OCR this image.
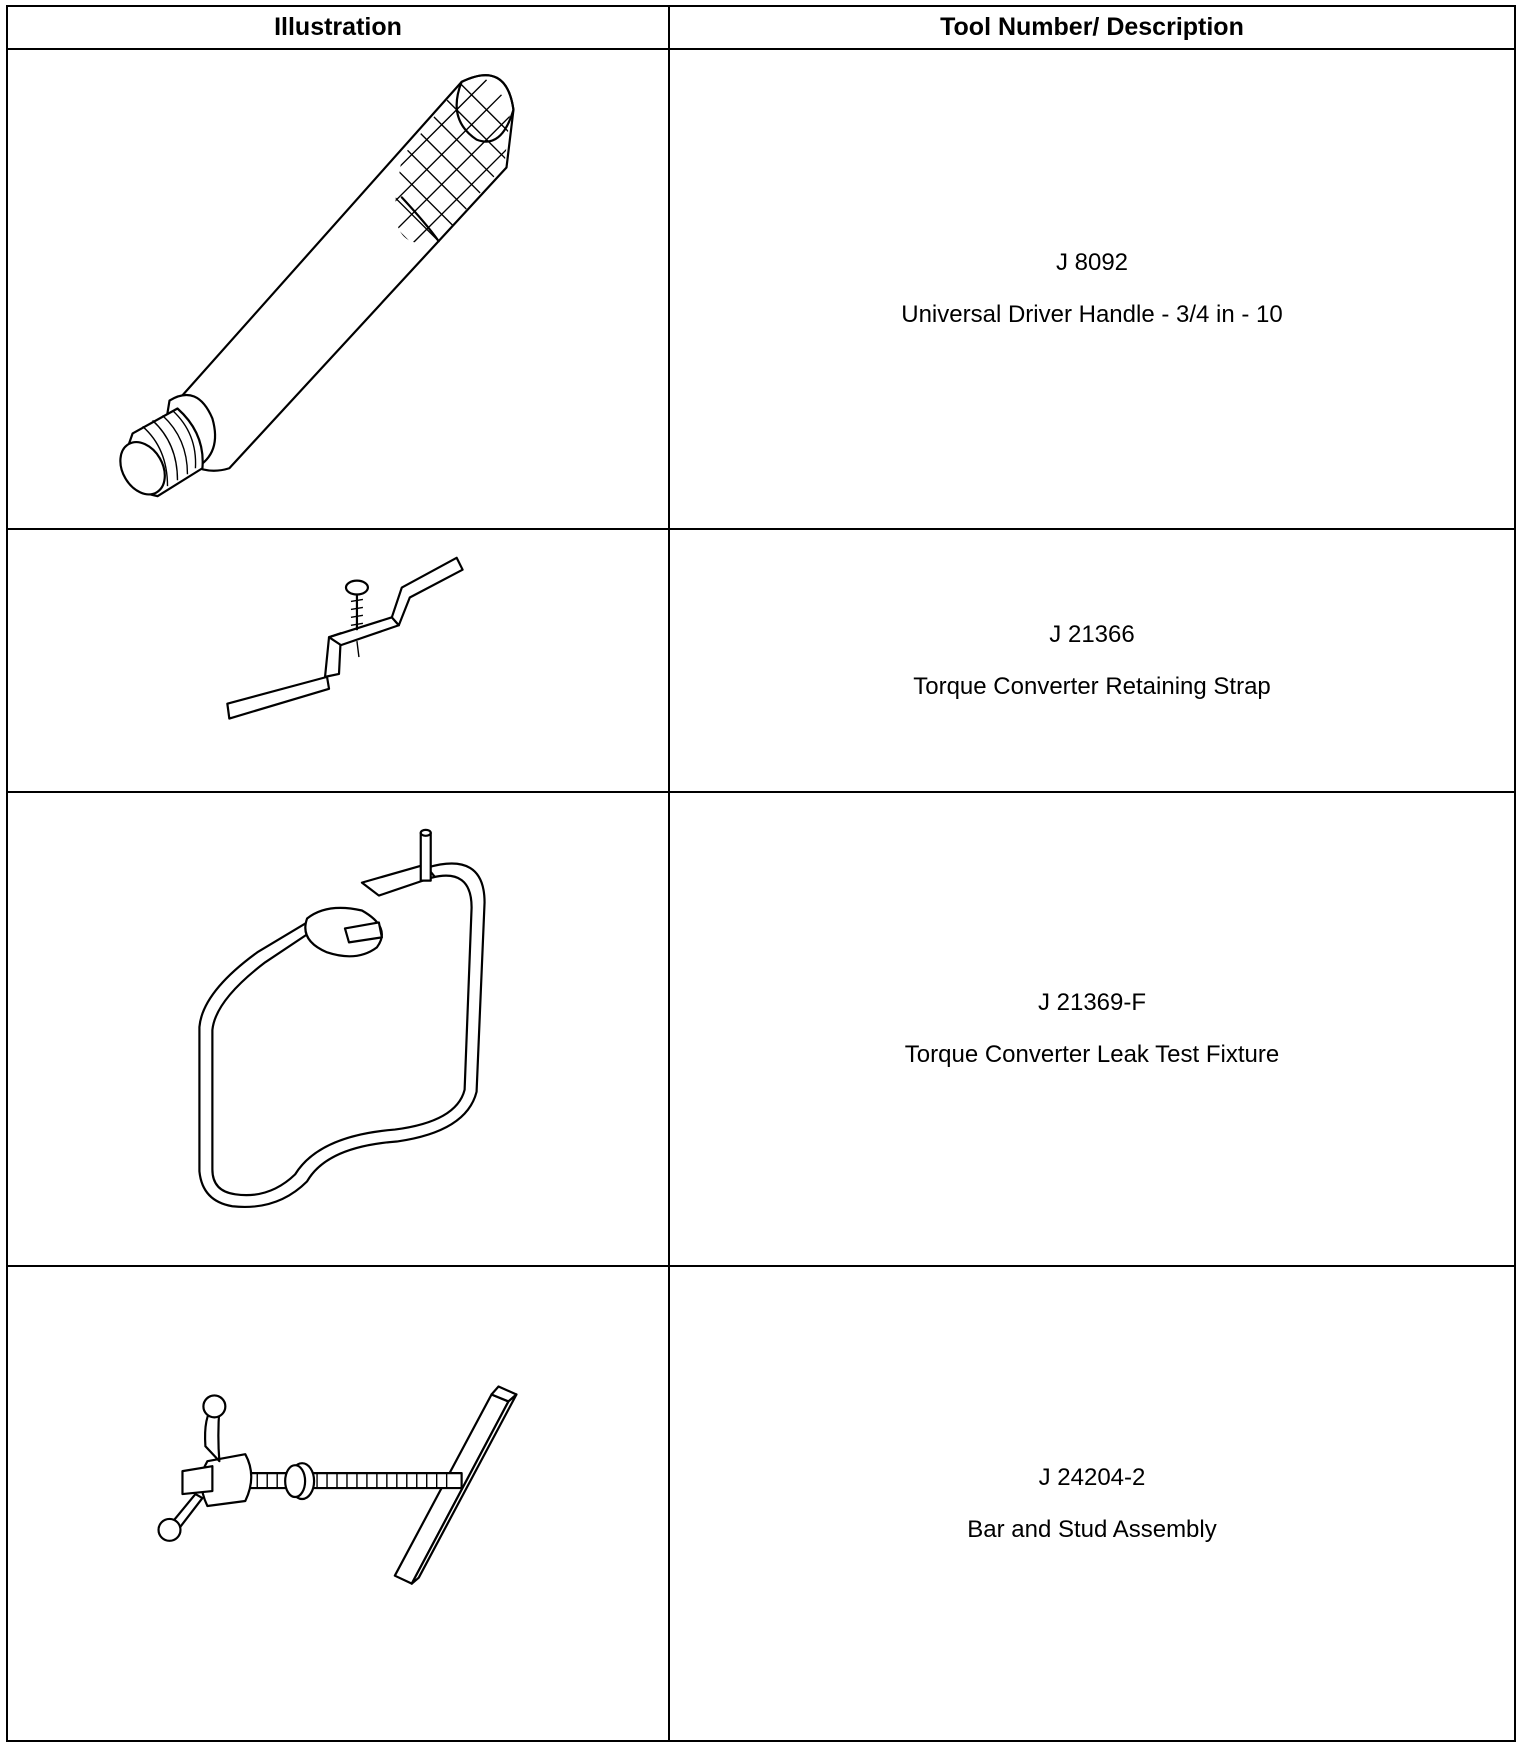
Illustration	Tool Number/ Description

J 8092
Universal Driver Handle - 3/4 in - 10

J 21366
Torque Converter Retaining Strap

J 21369-F
Torque Converter Leak Test Fixture

J 24204-2
Bar and Stud Assembly
